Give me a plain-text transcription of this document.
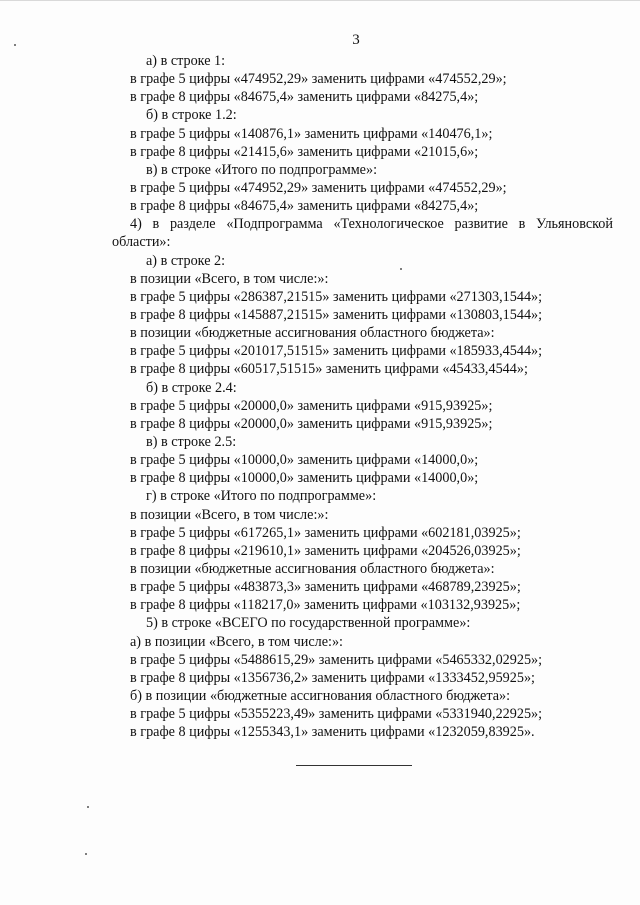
3
а) в строке 1:
в графе 5 цифры «474952,29» заменить цифрами «474552,29»;
в графе 8 цифры «84675,4» заменить цифрами «84275,4»;
б) в строке 1.2:
в графе 5 цифры «140876,1» заменить цифрами «140476,1»;
в графе 8 цифры «21415,6» заменить цифрами «21015,6»;
в) в строке «Итого по подпрограмме»:
в графе 5 цифры «474952,29» заменить цифрами «474552,29»;
в графе 8 цифры «84675,4» заменить цифрами «84275,4»;
4) в разделе «Подпрограмма «Технологическое развитие в Ульяновской
области»:
а) в строке 2:
в позиции «Всего, в том числе:»:
в графе 5 цифры «286387,21515» заменить цифрами «271303,1544»;
в графе 8 цифры «145887,21515» заменить цифрами «130803,1544»;
в позиции «бюджетные ассигнования областного бюджета»:
в графе 5 цифры «201017,51515» заменить цифрами «185933,4544»;
в графе 8 цифры «60517,51515» заменить цифрами «45433,4544»;
б) в строке 2.4:
в графе 5 цифры «20000,0» заменить цифрами «915,93925»;
в графе 8 цифры «20000,0» заменить цифрами «915,93925»;
в) в строке 2.5:
в графе 5 цифры «10000,0» заменить цифрами «14000,0»;
в графе 8 цифры «10000,0» заменить цифрами «14000,0»;
г) в строке «Итого по подпрограмме»:
в позиции «Всего, в том числе:»:
в графе 5 цифры «617265,1» заменить цифрами «602181,03925»;
в графе 8 цифры «219610,1» заменить цифрами «204526,03925»;
в позиции «бюджетные ассигнования областного бюджета»:
в графе 5 цифры «483873,3» заменить цифрами «468789,23925»;
в графе 8 цифры «118217,0» заменить цифрами «103132,93925»;
5) в строке «ВСЕГО по государственной программе»:
а) в позиции «Всего, в том числе:»:
в графе 5 цифры «5488615,29» заменить цифрами «5465332,02925»;
в графе 8 цифры «1356736,2» заменить цифрами «1333452,95925»;
б) в позиции «бюджетные ассигнования областного бюджета»:
в графе 5 цифры «5355223,49» заменить цифрами «5331940,22925»;
в графе 8 цифры «1255343,1» заменить цифрами «1232059,83925».
